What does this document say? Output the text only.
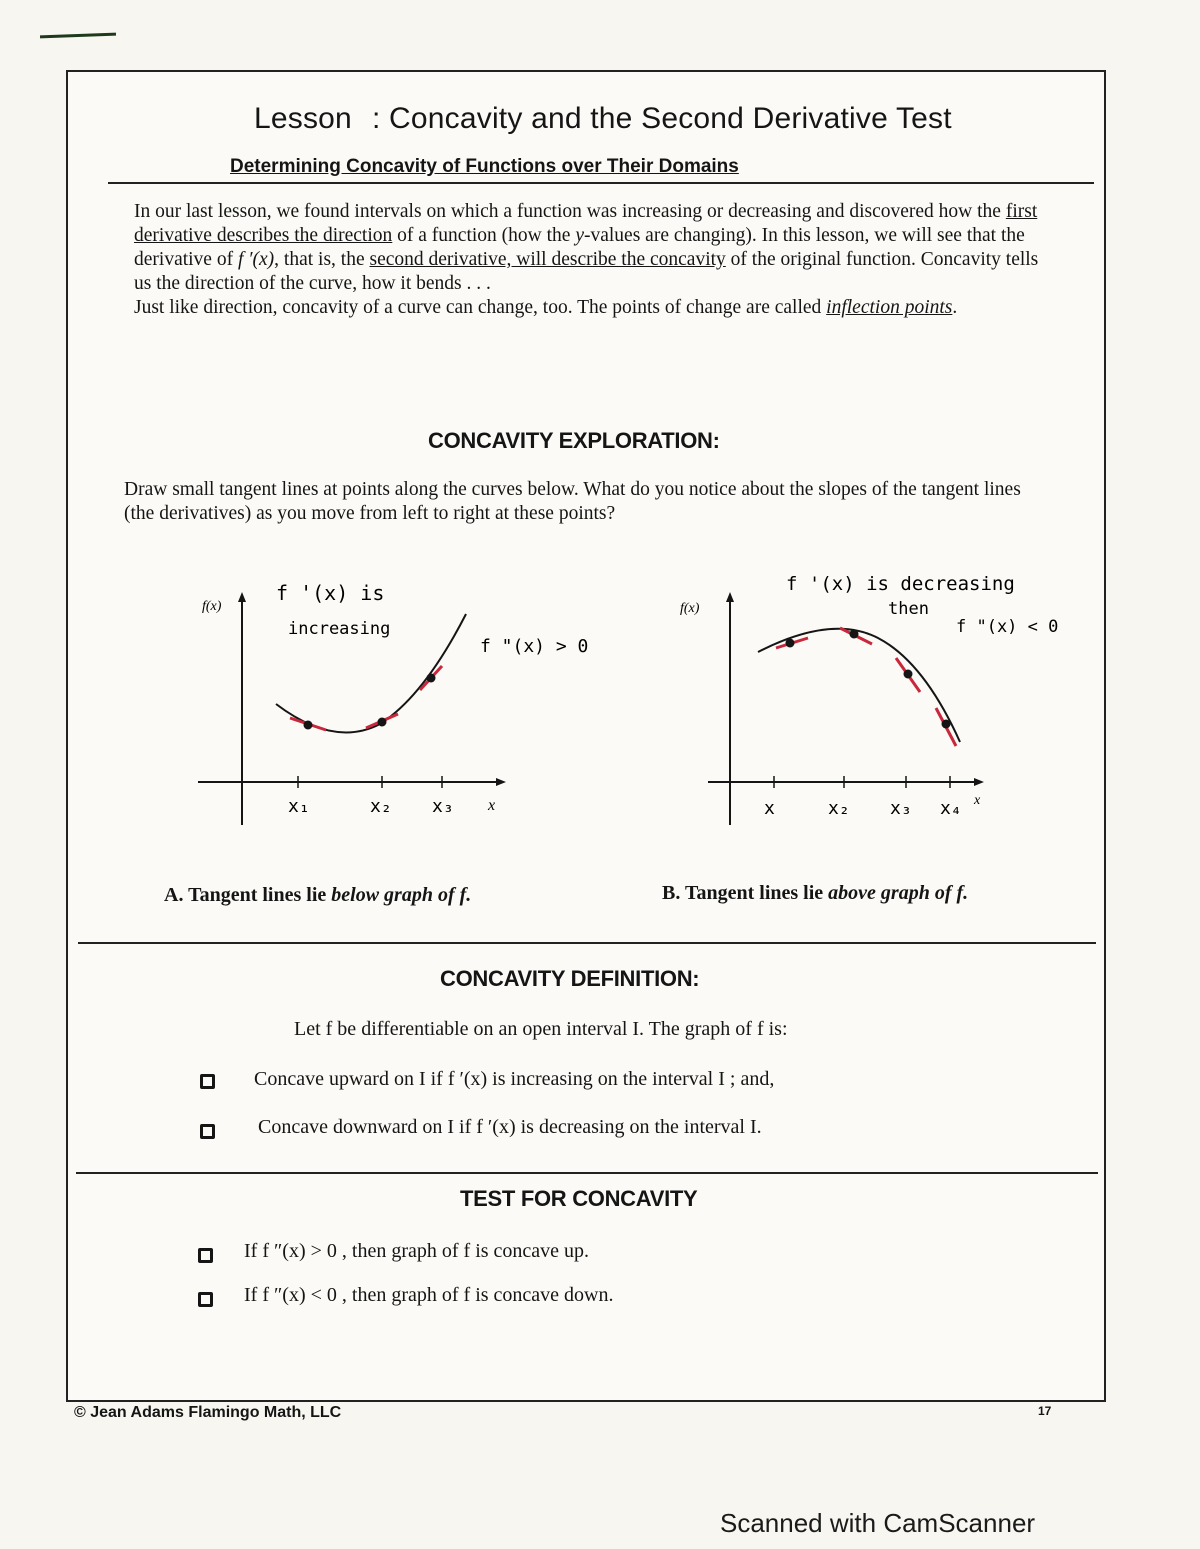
Lesson : Concavity and the Second Derivative Test
Determining Concavity of Functions over Their Domains

In our last lesson, we found intervals on which a function was increasing or decreasing and discovered how the first derivative describes the direction of a function (how the y-values are changing). In this lesson, we will see that the derivative of f ′(x), that is, the second derivative, will describe the concavity of the original function. Concavity tells us the direction of the curve, how it bends . . .

Just like direction, concavity of a curve can change, too. The points of change are called inflection points.

CONCAVITY EXPLORATION:
Draw small tangent lines at points along the curves below. What do you notice about the slopes of the tangent lines (the derivatives) as you move from left to right at these points?
f(x)
f '(x) is
increasing
f "(x) > 0
x₁	x₂ x₃ x
A. Tangent lines lie below graph of f.
f(x)
f '(x) is decreasing
then
f "(x) < 0
x	x₂ x₃ x₄ x
B. Tangent lines lie above graph of f.
CONCAVITY DEFINITION:
Let f be differentiable on an open interval I. The graph of f is:
Concave upward on I if f ′(x) is increasing on the interval I ; and,
Concave downward on I if f ′(x) is decreasing on the interval I.
TEST FOR CONCAVITY
If f ″(x) > 0 , then graph of f is concave up.
If f ″(x) < 0 , then graph of f is concave down.
© Jean Adams Flamingo Math, LLC	17
Scanned with CamScanner
